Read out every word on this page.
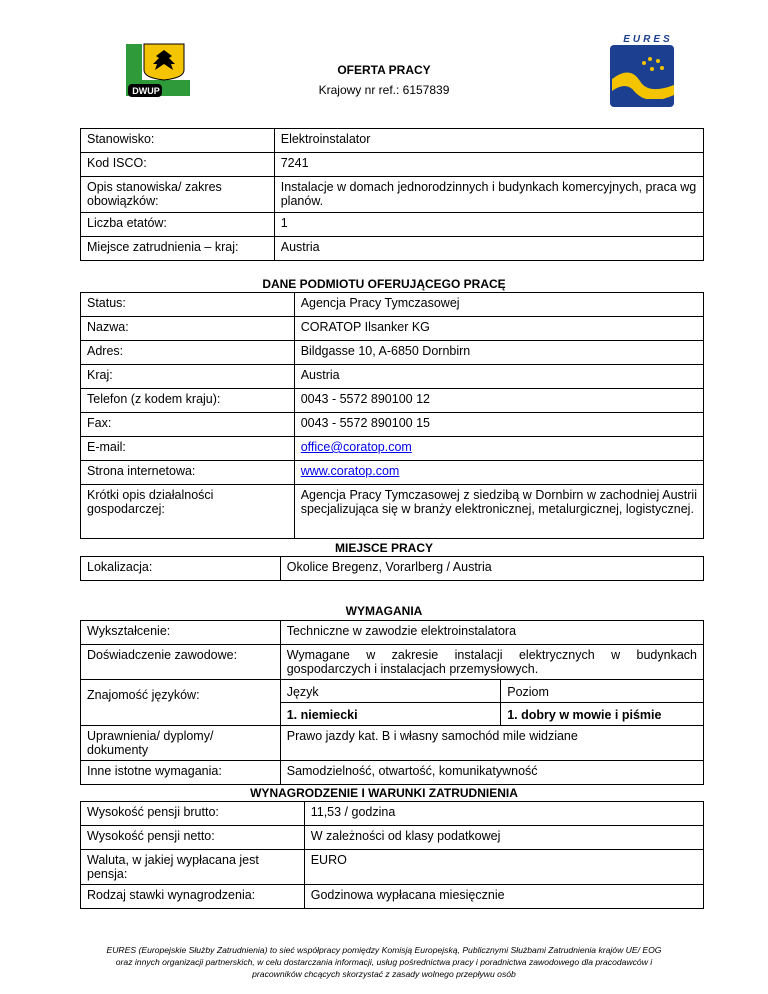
DWUP
OFERTA PRACY
Krajowy nr ref.: 6157839
EURES
Stanowisko:	Elektroinstalator
Kod ISCO:	7241
Opis stanowiska/ zakres obowiązków:	Instalacje w domach jednorodzinnych i budynkach komercyjnych, praca wg planów.
Liczba etatów:	1
Miejsce zatrudnienia – kraj:	Austria
DANE PODMIOTU OFERUJĄCEGO PRACĘ
Status:	Agencja Pracy Tymczasowej
Nazwa:	CORATOP Ilsanker KG
Adres:	Bildgasse 10, A-6850 Dornbirn
Kraj:	Austria
Telefon (z kodem kraju):	0043 - 5572 890100 12
Fax:	0043 - 5572 890100 15
E-mail:	office@coratop.com
Strona internetowa:	www.coratop.com
Krótki opis działalności gospodarczej:	Agencja Pracy Tymczasowej z siedzibą w Dornbirn w zachodniej Austrii specjalizująca się w branży elektronicznej, metalurgicznej, logistycznej.
MIEJSCE PRACY
Lokalizacja:	Okolice Bregenz, Vorarlberg / Austria
WYMAGANIA
Wykształcenie:	Techniczne w zawodzie elektroinstalatora
Doświadczenie zawodowe:	Wymagane w zakresie instalacji elektrycznych w budynkach gospodarczych i instalacjach przemysłowych.
Znajomość języków:		Język	Poziom
1. niemiecki	1. dobry w mowie i piśmie

Uprawnienia/ dyplomy/ dokumenty	Prawo jazdy kat. B i własny samochód mile widziane
Inne istotne wymagania:	Samodzielność, otwartość, komunikatywność
WYNAGRODZENIE I WARUNKI ZATRUDNIENIA
Wysokość pensji brutto:	11,53 / godzina
Wysokość pensji netto:	W zależności od klasy podatkowej
Waluta, w jakiej wypłacana jest pensja:	EURO
Rodzaj stawki wynagrodzenia:	Godzinowa wypłacana miesięcznie
EURES (Europejskie Służby Zatrudnienia) to sieć współpracy pomiędzy Komisją Europejską, Publicznymi Służbami Zatrudnienia krajów UE/ EOG
oraz innych organizacji partnerskich, w celu dostarczania informacji, usług pośrednictwa pracy i poradnictwa zawodowego dla pracodawców i
pracowników chcących skorzystać z zasady wolnego przepływu osób
